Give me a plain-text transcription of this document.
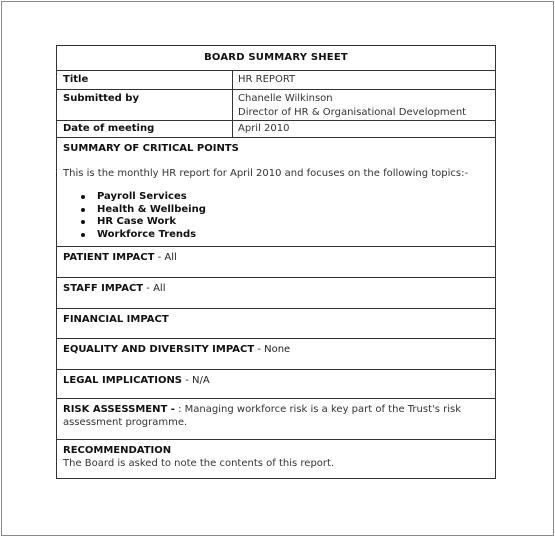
BOARD SUMMARY SHEET
Title	HR REPORT
Submitted by	Chanelle Wilkinson
Director of HR & Organisational Development
Date of meeting	April 2010
SUMMARY OF CRITICAL POINTS
This is the monthly HR report for April 2010 and focuses on the following topics:-
Payroll Services
Health & Wellbeing
HR Case Work
Workforce Trends
PATIENT IMPACT - All
STAFF IMPACT - All
FINANCIAL IMPACT
EQUALITY AND DIVERSITY IMPACT - None
LEGAL IMPLICATIONS - N/A
RISK ASSESSMENT - : Managing workforce risk is a key part of the Trust's risk assessment programme.
RECOMMENDATION
The Board is asked to note the contents of this report.
